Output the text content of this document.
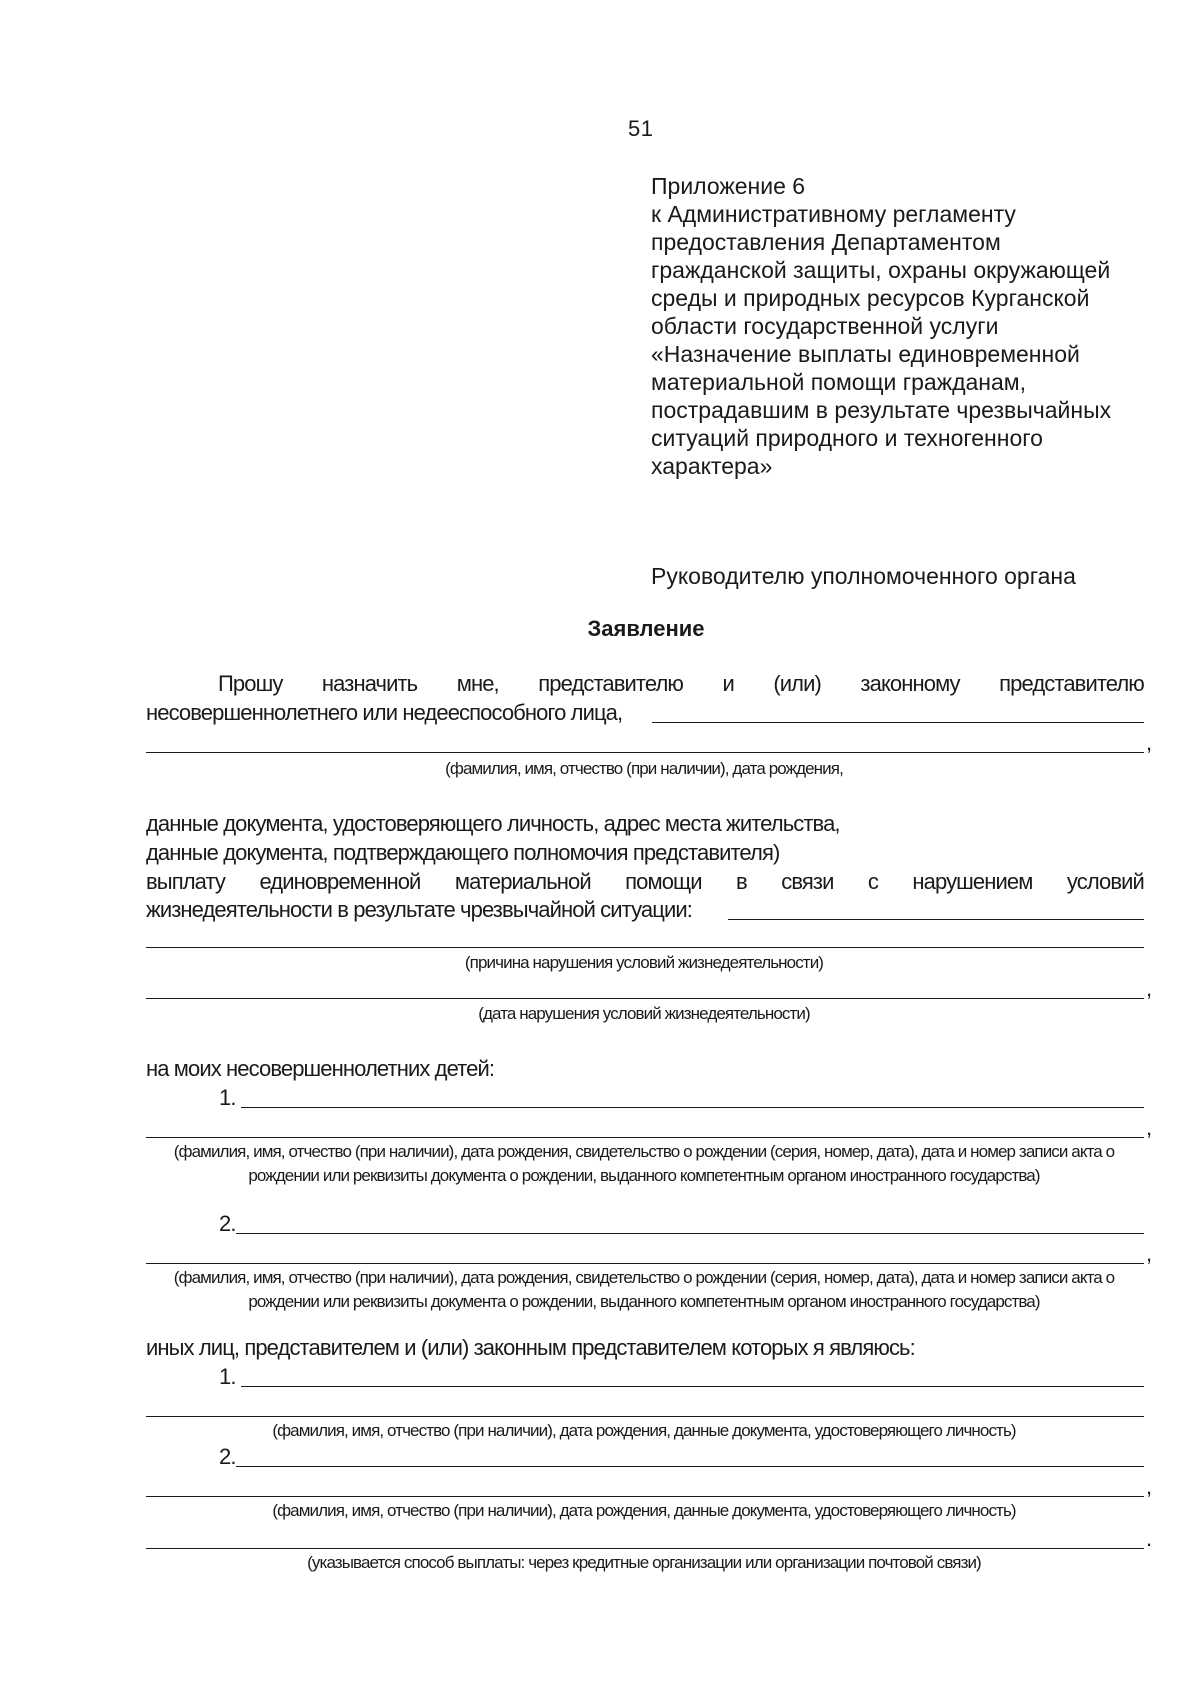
51
Приложение 6
к Административному регламенту
предоставления Департаментом
гражданской защиты, охраны окружающей
среды и природных ресурсов Курганской
области государственной услуги
«Назначение выплаты единовременной
материальной помощи гражданам,
пострадавшим в результате чрезвычайных
ситуаций природного и техногенного
характера»
Руководителю уполномоченного органа
Заявление
Прошу назначить мне, представителю и (или) законному представителю
несовершеннолетнего или недееспособного лица,
,
(фамилия, имя, отчество (при наличии), дата рождения,
данные документа, удостоверяющего личность, адрес места жительства,
данные документа, подтверждающего полномочия представителя)
выплату единовременной материальной помощи в связи с нарушением условий
жизнедеятельности в результате чрезвычайной ситуации:
(причина нарушения условий жизнедеятельности)
,
(дата нарушения условий жизнедеятельности)
на моих несовершеннолетних детей:
1.
,
(фамилия, имя, отчество (при наличии), дата рождения, свидетельство о рождении (серия, номер, дата), дата и номер записи акта о рождении или реквизиты документа о рождении, выданного компетентным органом иностранного государства)
2.
,
(фамилия, имя, отчество (при наличии), дата рождения, свидетельство о рождении (серия, номер, дата), дата и номер записи акта о рождении или реквизиты документа о рождении, выданного компетентным органом иностранного государства)
иных лиц, представителем и (или) законным представителем которых я являюсь:
1.
(фамилия, имя, отчество (при наличии), дата рождения, данные документа, удостоверяющего личность)
2.
,
(фамилия, имя, отчество (при наличии), дата рождения, данные документа, удостоверяющего личность)
.
(указывается способ выплаты: через кредитные организации или организации почтовой связи)
